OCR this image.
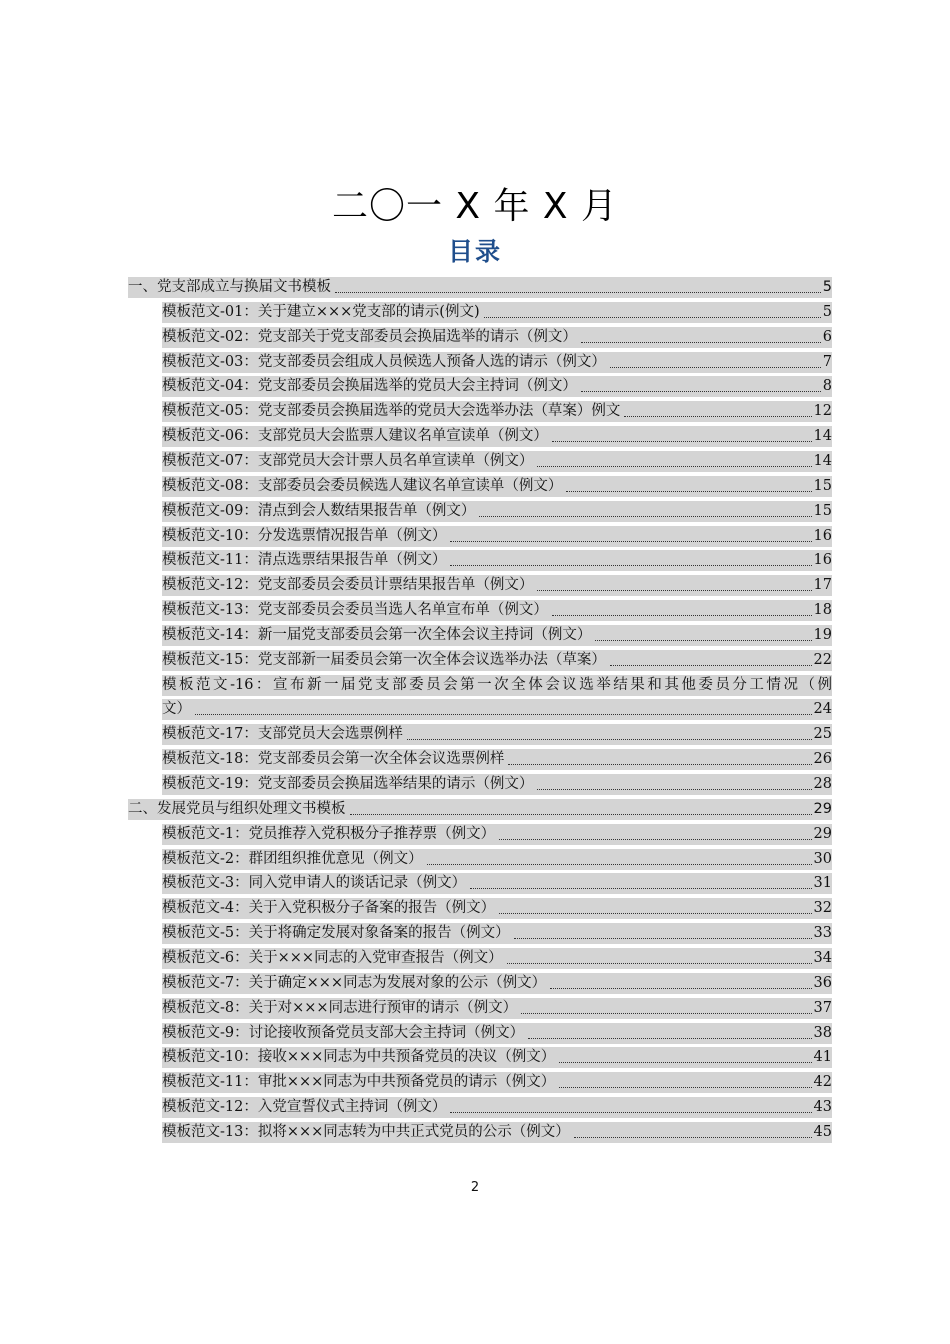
二〇一 X 年 X 月
目录
一、党支部成立与换届文书模板	5
模板范文-01：关于建立×××党支部的请示(例文)	5
模板范文-02：党支部关于党支部委员会换届选举的请示（例文）	6
模板范文-03：党支部委员会组成人员候选人预备人选的请示（例文）	7
模板范文-04：党支部委员会换届选举的党员大会主持词（例文）	8
模板范文-05：党支部委员会换届选举的党员大会选举办法（草案）例文	12
模板范文-06：支部党员大会监票人建议名单宣读单（例文）	14
模板范文-07：支部党员大会计票人员名单宣读单（例文）	14
模板范文-08：支部委员会委员候选人建议名单宣读单（例文）	15
模板范文-09：清点到会人数结果报告单（例文）	15
模板范文-10：分发选票情况报告单（例文）	16
模板范文-11：清点选票结果报告单（例文）	16
模板范文-12：党支部委员会委员计票结果报告单（例文）	17
模板范文-13：党支部委员会委员当选人名单宣布单（例文）	18
模板范文-14：新一届党支部委员会第一次全体会议主持词（例文）	19
模板范文-15：党支部新一届委员会第一次全体会议选举办法（草案）	22
模板范文-16：宣布新一届党支部委员会第一次全体会议选举结果和其他委员分工情况（例
文）	24
模板范文-17：支部党员大会选票例样	25
模板范文-18：党支部委员会第一次全体会议选票例样	26
模板范文-19：党支部委员会换届选举结果的请示（例文）	28
二、发展党员与组织处理文书模板	29
模板范文-1：党员推荐入党积极分子推荐票（例文）	29
模板范文-2：群团组织推优意见（例文）	30
模板范文-3：同入党申请人的谈话记录（例文）	31
模板范文-4：关于入党积极分子备案的报告（例文）	32
模板范文-5：关于将确定发展对象备案的报告（例文）	33
模板范文-6：关于×××同志的入党审查报告（例文）	34
模板范文-7：关于确定×××同志为发展对象的公示（例文）	36
模板范文-8：关于对×××同志进行预审的请示（例文）	37
模板范文-9：讨论接收预备党员支部大会主持词（例文）	38
模板范文-10：接收×××同志为中共预备党员的决议（例文）	41
模板范文-11：审批×××同志为中共预备党员的请示（例文）	42
模板范文-12：入党宣誓仪式主持词（例文）	43
模板范文-13：拟将×××同志转为中共正式党员的公示（例文）	45
2
